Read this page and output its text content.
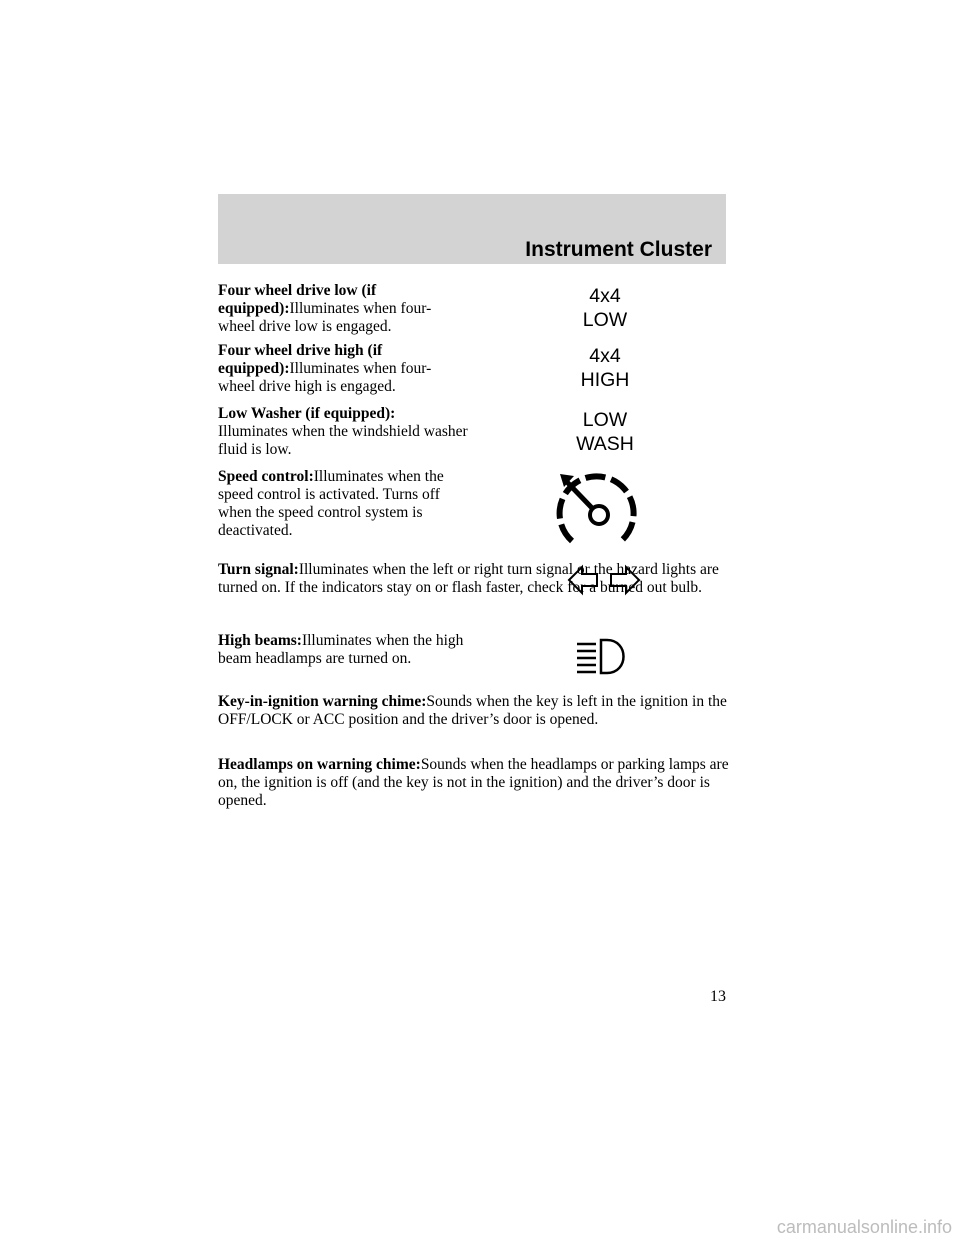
Instrument Cluster
Four wheel drive low (if equipped):Illuminates when four-wheel drive low is engaged.
4x4
LOW
Four wheel drive high (if equipped):Illuminates when four-wheel drive high is engaged.
4x4
HIGH
Low Washer (if equipped):
Illuminates when the windshield washer fluid is low.
LOW
WASH
Speed control:Illuminates when the speed control is activated. Turns off when the speed control system is deactivated.
Turn signal:Illuminates when the left or right turn signal or the hazard lights are turned on. If the indicators stay on or flash faster, check for a burned out bulb.
High beams:Illuminates when the high beam headlamps are turned on.
Key-in-ignition warning chime:Sounds when the key is left in the ignition in the OFF/LOCK or ACC position and the driver’s door is opened.
Headlamps on warning chime:Sounds when the headlamps or parking lamps are on, the ignition is off (and the key is not in the ignition) and the driver’s door is opened.
13
carmanualsonline.info
